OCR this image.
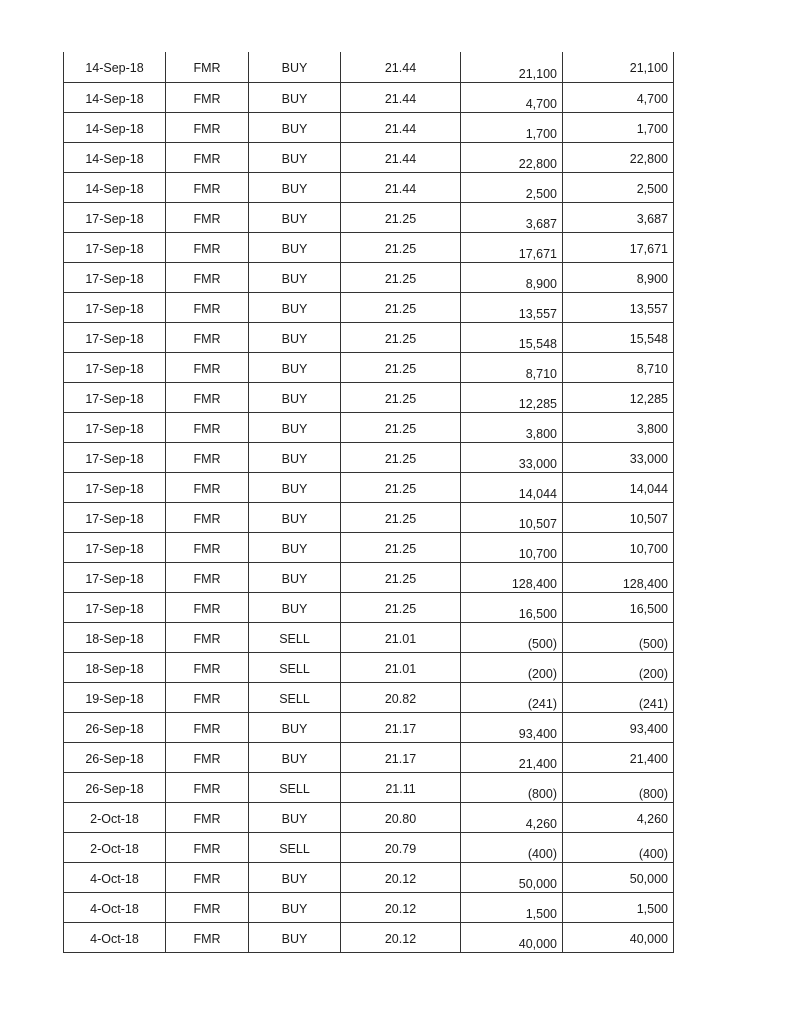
14-Sep-18	FMR	BUY	21.44	21,100	21,100

14-Sep-18	FMR	BUY	21.44	4,700	4,700

14-Sep-18	FMR	BUY	21.44	1,700	1,700

14-Sep-18	FMR	BUY	21.44	22,800	22,800

14-Sep-18	FMR	BUY	21.44	2,500	2,500

17-Sep-18	FMR	BUY	21.25	3,687	3,687

17-Sep-18	FMR	BUY	21.25	17,671	17,671

17-Sep-18	FMR	BUY	21.25	8,900	8,900

17-Sep-18	FMR	BUY	21.25	13,557	13,557

17-Sep-18	FMR	BUY	21.25	15,548	15,548

17-Sep-18	FMR	BUY	21.25	8,710	8,710

17-Sep-18	FMR	BUY	21.25	12,285	12,285

17-Sep-18	FMR	BUY	21.25	3,800	3,800

17-Sep-18	FMR	BUY	21.25	33,000	33,000

17-Sep-18	FMR	BUY	21.25	14,044	14,044

17-Sep-18	FMR	BUY	21.25	10,507	10,507

17-Sep-18	FMR	BUY	21.25	10,700	10,700

17-Sep-18	FMR	BUY	21.25	128,400	128,400

17-Sep-18	FMR	BUY	21.25	16,500	16,500

18-Sep-18	FMR	SELL	21.01	(500)	(500)

18-Sep-18	FMR	SELL	21.01	(200)	(200)

19-Sep-18	FMR	SELL	20.82	(241)	(241)

26-Sep-18	FMR	BUY	21.17	93,400	93,400

26-Sep-18	FMR	BUY	21.17	21,400	21,400

26-Sep-18	FMR	SELL	21.11	(800)	(800)

2-Oct-18	FMR	BUY	20.80	4,260	4,260

2-Oct-18	FMR	SELL	20.79	(400)	(400)

4-Oct-18	FMR	BUY	20.12	50,000	50,000

4-Oct-18	FMR	BUY	20.12	1,500	1,500

4-Oct-18	FMR	BUY	20.12	40,000	40,000
